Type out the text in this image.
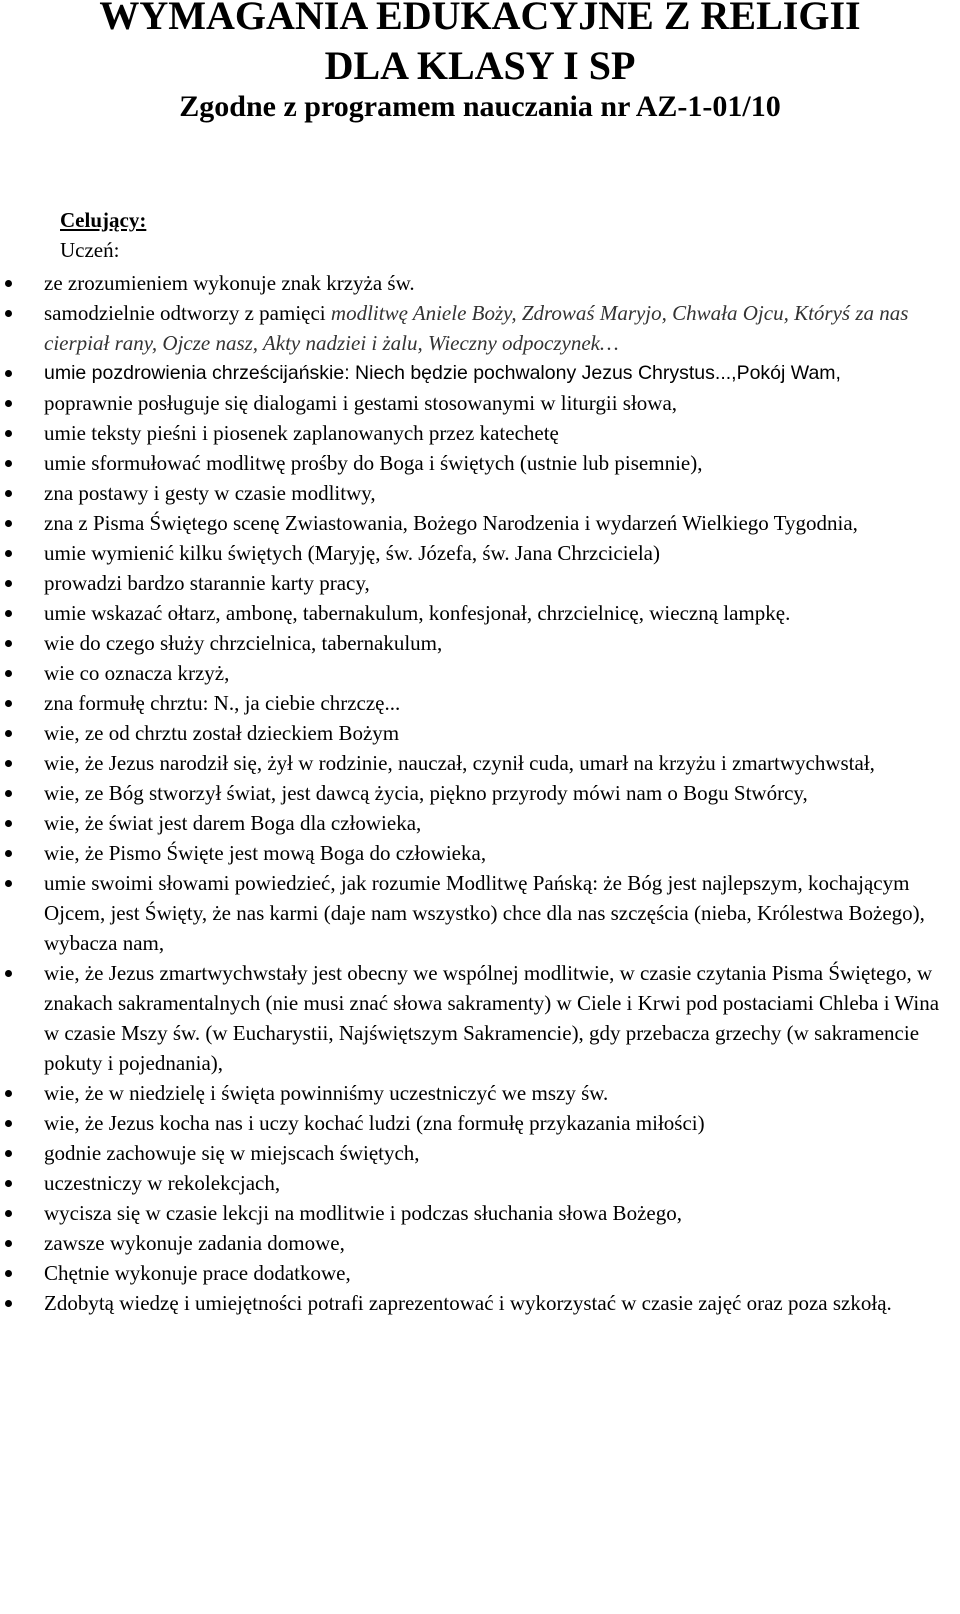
WYMAGANIA EDUKACYJNE Z RELIGII
DLA KLASY I SP
Zgodne z programem nauczania nr AZ-1-01/10
Celujący:
Uczeń:
ze zrozumieniem wykonuje znak krzyża św.
samodzielnie odtworzy z pamięci modlitwę Aniele Boży, Zdrowaś Maryjo, Chwała Ojcu, Któryś za nas cierpiał rany, Ojcze nasz, Akty nadziei i żalu, Wieczny odpoczynek…
umie pozdrowienia chrześcijańskie: Niech będzie pochwalony Jezus Chrystus...,Pokój Wam,
poprawnie posługuje się dialogami i gestami stosowanymi w liturgii słowa,
umie teksty pieśni i piosenek zaplanowanych przez katechetę
umie sformułować modlitwę prośby do Boga i świętych (ustnie lub pisemnie),
zna postawy i gesty w czasie modlitwy,
zna z Pisma Świętego scenę Zwiastowania, Bożego Narodzenia i wydarzeń Wielkiego Tygodnia,
umie wymienić kilku świętych (Maryję, św. Józefa, św. Jana Chrzciciela)
prowadzi bardzo starannie karty pracy,
umie wskazać ołtarz, ambonę, tabernakulum, konfesjonał, chrzcielnicę, wieczną lampkę.
wie do czego służy chrzcielnica, tabernakulum,
wie co oznacza krzyż,
zna formułę chrztu: N., ja ciebie chrzczę...
wie, ze od chrztu został dzieckiem Bożym
wie, że Jezus narodził się, żył w rodzinie, nauczał, czynił cuda, umarł na krzyżu i zmartwychwstał,
wie, ze Bóg stworzył świat, jest dawcą życia, piękno przyrody mówi nam o Bogu Stwórcy,
wie, że świat jest darem Boga dla człowieka,
wie, że Pismo Święte jest mową Boga do człowieka,
umie swoimi słowami powiedzieć, jak rozumie Modlitwę Pańską: że Bóg jest najlepszym, kochającym Ojcem, jest Święty, że nas karmi (daje nam wszystko) chce dla nas szczęścia (nieba, Królestwa Bożego), wybacza nam,
wie, że Jezus zmartwychwstały jest obecny we wspólnej modlitwie, w czasie czytania Pisma Świętego, w znakach sakramentalnych (nie musi znać słowa sakramenty) w Ciele i Krwi pod postaciami Chleba i Wina w czasie Mszy św. (w Eucharystii, Najświętszym Sakramencie), gdy przebacza grzechy (w sakramencie pokuty i pojednania),
wie, że w niedzielę i święta powinniśmy uczestniczyć we mszy św.
wie, że Jezus kocha nas i uczy kochać ludzi (zna formułę przykazania miłości)
godnie zachowuje się w miejscach świętych,
uczestniczy w rekolekcjach,
wycisza się w czasie lekcji na modlitwie i podczas słuchania słowa Bożego,
zawsze wykonuje zadania domowe,
Chętnie wykonuje prace dodatkowe,
Zdobytą wiedzę i umiejętności potrafi zaprezentować i wykorzystać w czasie zajęć oraz poza szkołą.
